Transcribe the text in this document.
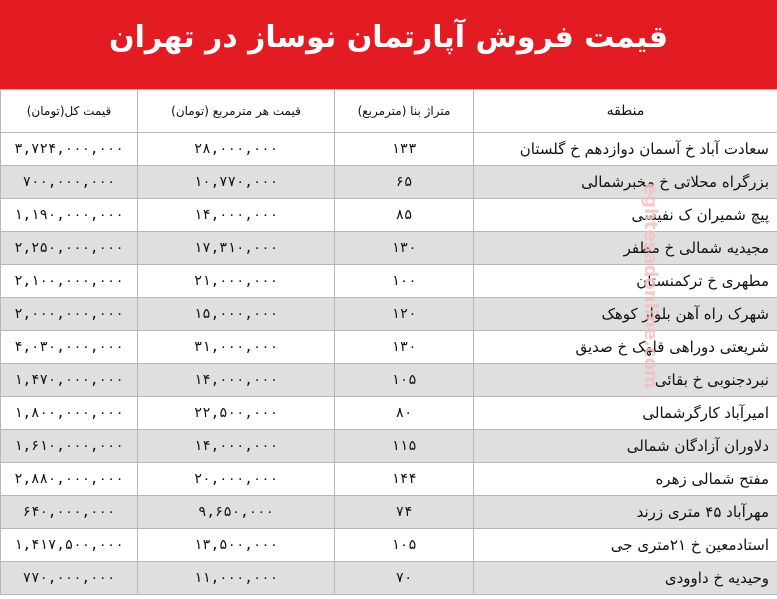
قیمت فروش آپارتمان نوساز در تهران
منطقه	متراژ بنا (مترمربع)	قیمت هر مترمربع (تومان)	قیمت کل(تومان)
سعادت آباد خ آسمان دوازدهم خ گلستان	۱۳۳	۲۸,۰۰۰,۰۰۰	۳,۷۲۴,۰۰۰,۰۰۰
بزرگراه محلاتی خ مخبرشمالی	۶۵	۱۰,۷۷۰,۰۰۰	۷۰۰,۰۰۰,۰۰۰
پیچ شمیران ک نفیسی	۸۵	۱۴,۰۰۰,۰۰۰	۱,۱۹۰,۰۰۰,۰۰۰
مجیدیه شمالی خ مظفر	۱۳۰	۱۷,۳۱۰,۰۰۰	۲,۲۵۰,۰۰۰,۰۰۰
مطهری خ ترکمنستان	۱۰۰	۲۱,۰۰۰,۰۰۰	۲,۱۰۰,۰۰۰,۰۰۰
شهرک راه آهن بلوار کوهک	۱۲۰	۱۵,۰۰۰,۰۰۰	۲,۰۰۰,۰۰۰,۰۰۰
شریعتی دوراهی قلهک خ صدیق	۱۳۰	۳۱,۰۰۰,۰۰۰	۴,۰۳۰,۰۰۰,۰۰۰
نبردجنوبی خ بقائی	۱۰۵	۱۴,۰۰۰,۰۰۰	۱,۴۷۰,۰۰۰,۰۰۰
امیرآباد کارگرشمالی	۸۰	۲۲,۵۰۰,۰۰۰	۱,۸۰۰,۰۰۰,۰۰۰
دلاوران آزادگان شمالی	۱۱۵	۱۴,۰۰۰,۰۰۰	۱,۶۱۰,۰۰۰,۰۰۰
مفتح شمالی زهره	۱۴۴	۲۰,۰۰۰,۰۰۰	۲,۸۸۰,۰۰۰,۰۰۰
مهرآباد ۴۵ متری زرند	۷۴	۹,۶۵۰,۰۰۰	۶۴۰,۰۰۰,۰۰۰
استادمعین خ ۲۱متری جی	۱۰۵	۱۳,۵۰۰,۰۰۰	۱,۴۱۷,۵۰۰,۰۰۰
وحیدیه خ داوودی	۷۰	۱۱,۰۰۰,۰۰۰	۷۷۰,۰۰۰,۰۰۰
eghtesadonline.com
